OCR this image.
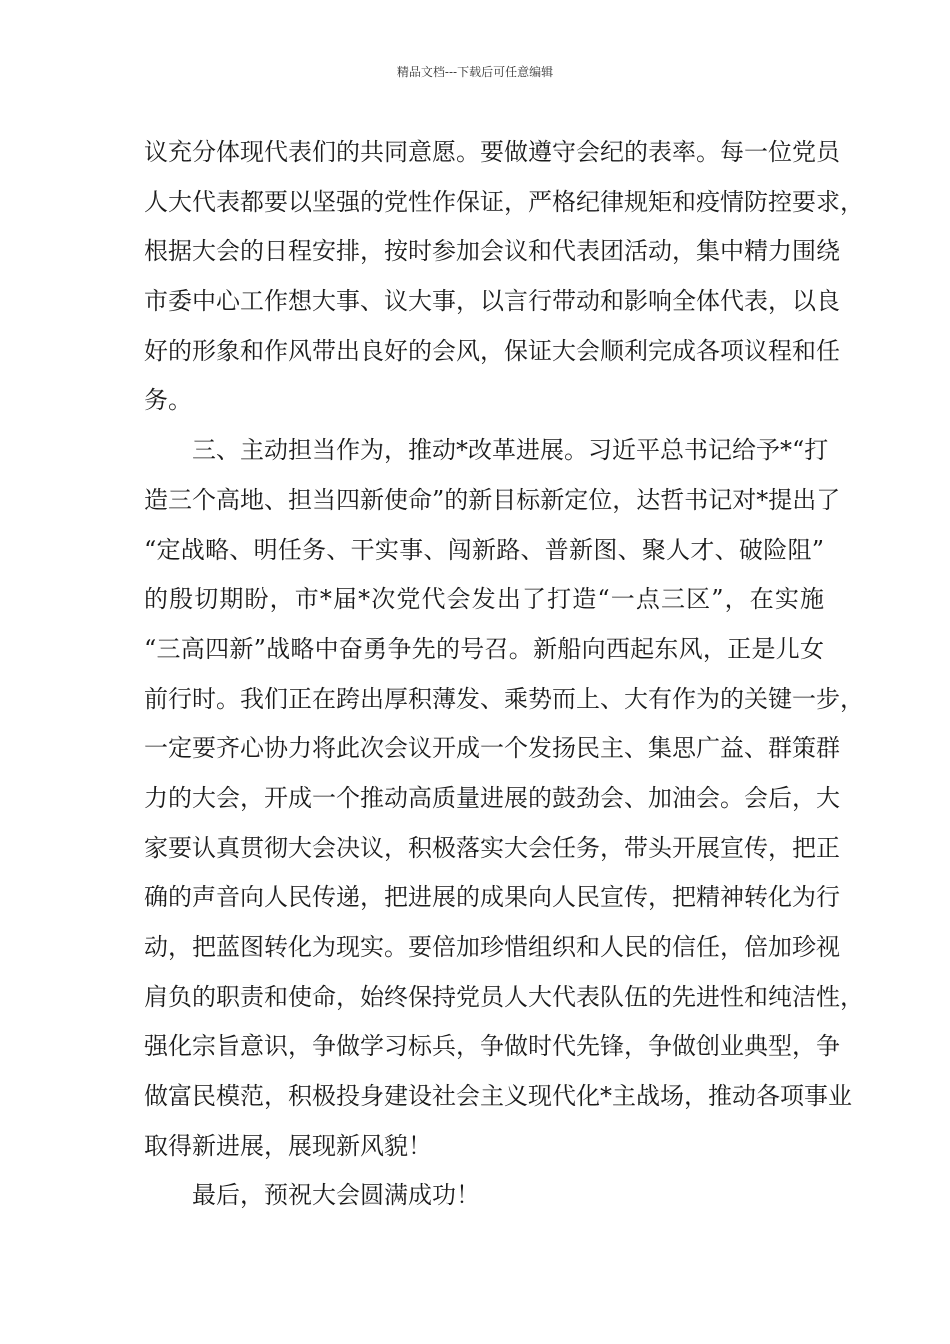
精品文档---下载后可任意编辑
议充分体现代表们的共同意愿。要做遵守会纪的表率。每一位党员
人大代表都要以坚强的党性作保证，严格纪律规矩和疫情防控要求，
根据大会的日程安排，按时参加会议和代表团活动，集中精力围绕
市委中心工作想大事、议大事，以言行带动和影响全体代表，以良
好的形象和作风带出良好的会风，保证大会顺利完成各项议程和任
务。
三、主动担当作为，推动*改革进展。习近平总书记给予*“打
造三个高地、担当四新使命”的新目标新定位，达哲书记对*提出了
“定战略、明任务、干实事、闯新路、普新图、聚人才、破险阻”
的殷切期盼，市*届*次党代会发出了打造“一点三区”，在实施
“三高四新”战略中奋勇争先的号召。新船向西起东风，正是儿女
前行时。我们正在跨出厚积薄发、乘势而上、大有作为的关键一步，
一定要齐心协力将此次会议开成一个发扬民主、集思广益、群策群
力的大会，开成一个推动高质量进展的鼓劲会、加油会。会后，大
家要认真贯彻大会决议，积极落实大会任务，带头开展宣传，把正
确的声音向人民传递，把进展的成果向人民宣传，把精神转化为行
动，把蓝图转化为现实。要倍加珍惜组织和人民的信任，倍加珍视
肩负的职责和使命，始终保持党员人大代表队伍的先进性和纯洁性，
强化宗旨意识，争做学习标兵，争做时代先锋，争做创业典型，争
做富民模范，积极投身建设社会主义现代化*主战场，推动各项事业
取得新进展，展现新风貌！
最后，预祝大会圆满成功！
